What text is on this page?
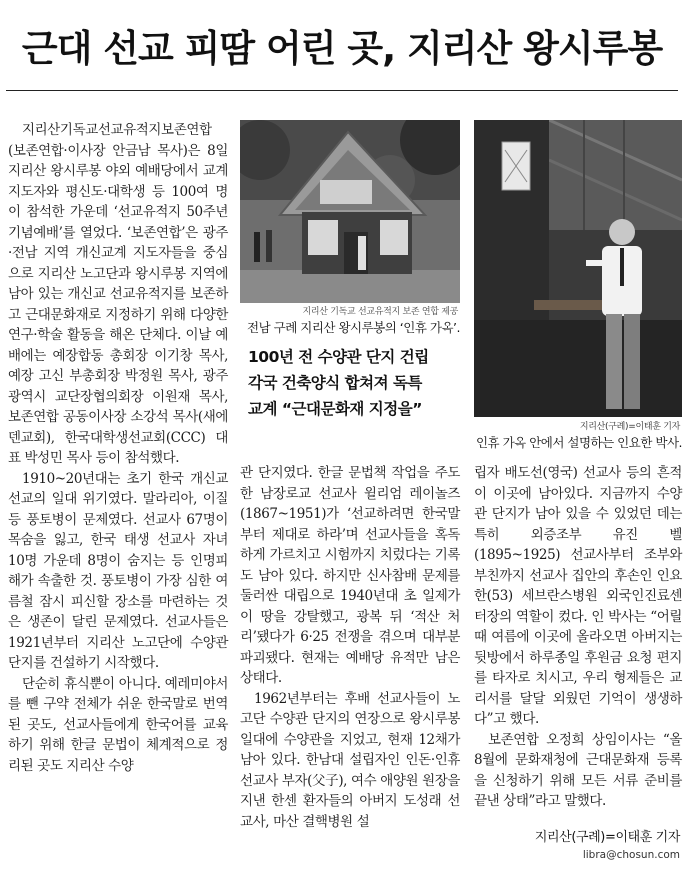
근대 선교 피땀 어린 곳, 지리산 왕시루봉

지리산기독교선교유적지보존연합(보존연합·이사장 안금남 목사)은 8일 지리산 왕시루봉 야외 예배당에서 교계 지도자와 평신도·대학생 등 100여 명이 참석한 가운데 ‘선교유적지 50주년 기념예배’를 열었다. ‘보존연합’은 광주·전남 지역 개신교계 지도자들을 중심으로 지리산 노고단과 왕시루봉 지역에 남아 있는 개신교 선교유적지를 보존하고 근대문화재로 지정하기 위해 다양한 연구·학술 활동을 해온 단체다. 이날 예배에는 예장합동 총회장 이기창 목사, 예장 고신 부총회장 박정원 목사, 광주광역시 교단장협의회장 이원재 목사, 보존연합 공동이사장 소강석 목사(새에덴교회), 한국대학생선교회(CCC) 대표 박성민 목사 등이 참석했다.

1910~20년대는 초기 한국 개신교 선교의 일대 위기였다. 말라리아, 이질 등 풍토병이 문제였다. 선교사 67명이 목숨을 잃고, 한국 태생 선교사 자녀 10명 가운데 8명이 숨지는 등 인명피해가 속출한 것. 풍토병이 가장 심한 여름철 잠시 피신할 장소를 마련하는 것은 생존이 달린 문제였다. 선교사들은 1921년부터 지리산 노고단에 수양관 단지를 건설하기 시작했다.

단순히 휴식뿐이 아니다. 예레미야서를 뺀 구약 전체가 쉬운 한국말로 번역된 곳도, 선교사들에게 한국어를 교육하기 위해 한글 문법이 체계적으로 정리된 곳도 지리산 수양

지리산 기독교 선교유적지 보존 연합 제공
전남 구례 지리산 왕시루봉의 ‘인휴 가옥’.
지리산(구례)=이태훈 기자
인휴 가옥 안에서 설명하는 인요한 박사.
100년 전 수양관 단지 건립
각국 건축양식 합쳐져 독특
교계 “근대문화재 지정을”

관 단지였다. 한글 문법책 작업을 주도한 남장로교 선교사 윌리엄 레이놀즈(1867~1951)가 ‘선교하려면 한국말부터 제대로 하라’며 선교사들을 혹독하게 가르치고 시험까지 치렀다는 기록도 남아 있다. 하지만 신사참배 문제를 둘러싼 대립으로 1940년대 초 일제가 이 땅을 강탈했고, 광복 뒤 ‘적산 처리’됐다가 6·25 전쟁을 겪으며 대부분 파괴됐다. 현재는 예배당 유적만 남은 상태다.

1962년부터는 후배 선교사들이 노고단 수양관 단지의 연장으로 왕시루봉 일대에 수양관을 지었고, 현재 12채가 남아 있다. 한남대 설립자인 인돈·인휴 선교사 부자(父子), 여수 애양원 원장을 지낸 한센 환자들의 아버지 도성래 선교사, 마산 결핵병원 설

립자 배도선(영국) 선교사 등의 흔적이 이곳에 남아있다. 지금까지 수양관 단지가 남아 있을 수 있었던 데는 특히 외증조부 유진 벨(1895~1925) 선교사부터 조부와 부친까지 선교사 집안의 후손인 인요한(53) 세브란스병원 외국인진료센터장의 역할이 컸다. 인 박사는 “어릴 때 여름에 이곳에 올라오면 아버지는 뒷방에서 하루종일 후원금 요청 편지를 타자로 치시고, 우리 형제들은 교리서를 달달 외웠던 기억이 생생하다”고 했다.

보존연합 오정희 상임이사는 “올 8월에 문화재청에 근대문화재 등록을 신청하기 위해 모든 서류 준비를 끝낸 상태”라고 말했다.

지리산(구례)=이태훈 기자
libra@chosun.com
